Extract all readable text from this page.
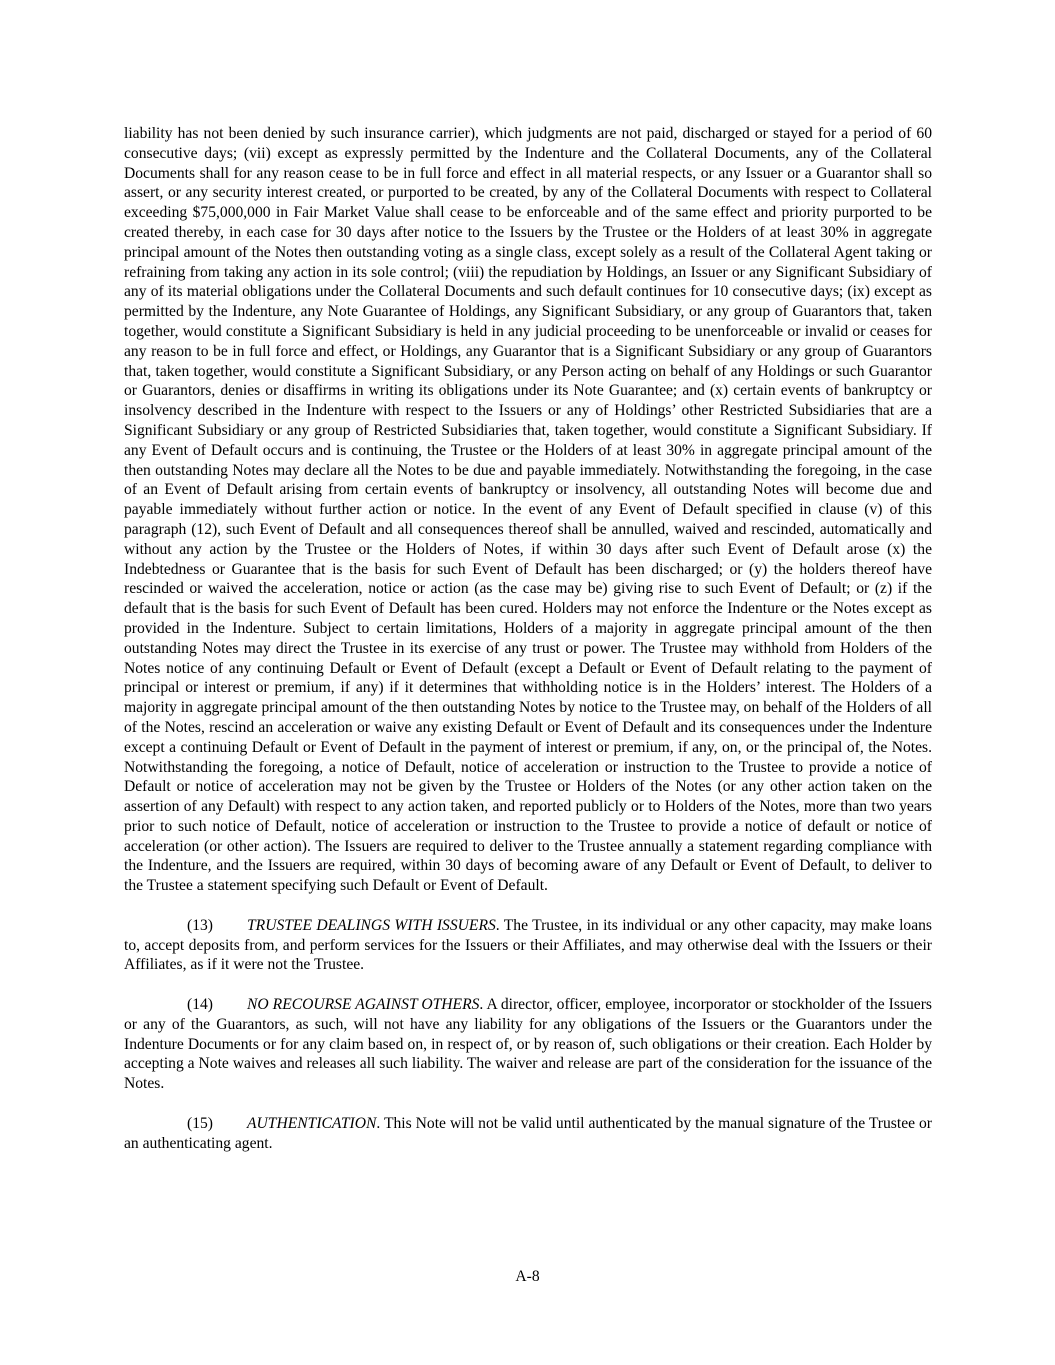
liability has not been denied by such insurance carrier), which judgments are not paid, discharged or stayed for a period of 60 consecutive days; (vii) except as expressly permitted by the Indenture and the Collateral Documents, any of the Collateral Documents shall for any reason cease to be in full force and effect in all material respects, or any Issuer or a Guarantor shall so assert, or any security interest created, or purported to be created, by any of the Collateral Documents with respect to Collateral exceeding $75,000,000 in Fair Market Value shall cease to be enforceable and of the same effect and priority purported to be created thereby, in each case for 30 days after notice to the Issuers by the Trustee or the Holders of at least 30% in aggregate principal amount of the Notes then outstanding voting as a single class, except solely as a result of the Collateral Agent taking or refraining from taking any action in its sole control; (viii) the repudiation by Holdings, an Issuer or any Significant Subsidiary of any of its material obligations under the Collateral Documents and such default continues for 10 consecutive days; (ix) except as permitted by the Indenture, any Note Guarantee of Holdings, any Significant Subsidiary, or any group of Guarantors that, taken together, would constitute a Significant Subsidiary is held in any judicial proceeding to be unenforceable or invalid or ceases for any reason to be in full force and effect, or Holdings, any Guarantor that is a Significant Subsidiary or any group of Guarantors that, taken together, would constitute a Significant Subsidiary, or any Person acting on behalf of any Holdings or such Guarantor or Guarantors, denies or disaffirms in writing its obligations under its Note Guarantee; and (x) certain events of bankruptcy or insolvency described in the Indenture with respect to the Issuers or any of Holdings’ other Restricted Subsidiaries that are a Significant Subsidiary or any group of Restricted Subsidiaries that, taken together, would constitute a Significant Subsidiary. If any Event of Default occurs and is continuing, the Trustee or the Holders of at least 30% in aggregate principal amount of the then outstanding Notes may declare all the Notes to be due and payable immediately. Notwithstanding the foregoing, in the case of an Event of Default arising from certain events of bankruptcy or insolvency, all outstanding Notes will become due and payable immediately without further action or notice. In the event of any Event of Default specified in clause (v) of this paragraph (12), such Event of Default and all consequences thereof shall be annulled, waived and rescinded, automatically and without any action by the Trustee or the Holders of Notes, if within 30 days after such Event of Default arose (x) the Indebtedness or Guarantee that is the basis for such Event of Default has been discharged; or (y) the holders thereof have rescinded or waived the acceleration, notice or action (as the case may be) giving rise to such Event of Default; or (z) if the default that is the basis for such Event of Default has been cured. Holders may not enforce the Indenture or the Notes except as provided in the Indenture. Subject to certain limitations, Holders of a majority in aggregate principal amount of the then outstanding Notes may direct the Trustee in its exercise of any trust or power. The Trustee may withhold from Holders of the Notes notice of any continuing Default or Event of Default (except a Default or Event of Default relating to the payment of principal or interest or premium, if any) if it determines that withholding notice is in the Holders’ interest. The Holders of a majority in aggregate principal amount of the then outstanding Notes by notice to the Trustee may, on behalf of the Holders of all of the Notes, rescind an acceleration or waive any existing Default or Event of Default and its consequences under the Indenture except a continuing Default or Event of Default in the payment of interest or premium, if any, on, or the principal of, the Notes. Notwithstanding the foregoing, a notice of Default, notice of acceleration or instruction to the Trustee to provide a notice of Default or notice of acceleration may not be given by the Trustee or Holders of the Notes (or any other action taken on the assertion of any Default) with respect to any action taken, and reported publicly or to Holders of the Notes, more than two years prior to such notice of Default, notice of acceleration or instruction to the Trustee to provide a notice of default or notice of acceleration (or other action). The Issuers are required to deliver to the Trustee annually a statement regarding compliance with the Indenture, and the Issuers are required, within 30 days of becoming aware of any Default or Event of Default, to deliver to the Trustee a statement specifying such Default or Event of Default.

(13) TRUSTEE DEALINGS WITH ISSUERS. The Trustee, in its individual or any other capacity, may make loans to, accept deposits from, and perform services for the Issuers or their Affiliates, and may otherwise deal with the Issuers or their Affiliates, as if it were not the Trustee.

(14) NO RECOURSE AGAINST OTHERS. A director, officer, employee, incorporator or stockholder of the Issuers or any of the Guarantors, as such, will not have any liability for any obligations of the Issuers or the Guarantors under the Indenture Documents or for any claim based on, in respect of, or by reason of, such obligations or their creation. Each Holder by accepting a Note waives and releases all such liability. The waiver and release are part of the consideration for the issuance of the Notes.

(15) AUTHENTICATION. This Note will not be valid until authenticated by the manual signature of the Trustee or an authenticating agent.

A-8
